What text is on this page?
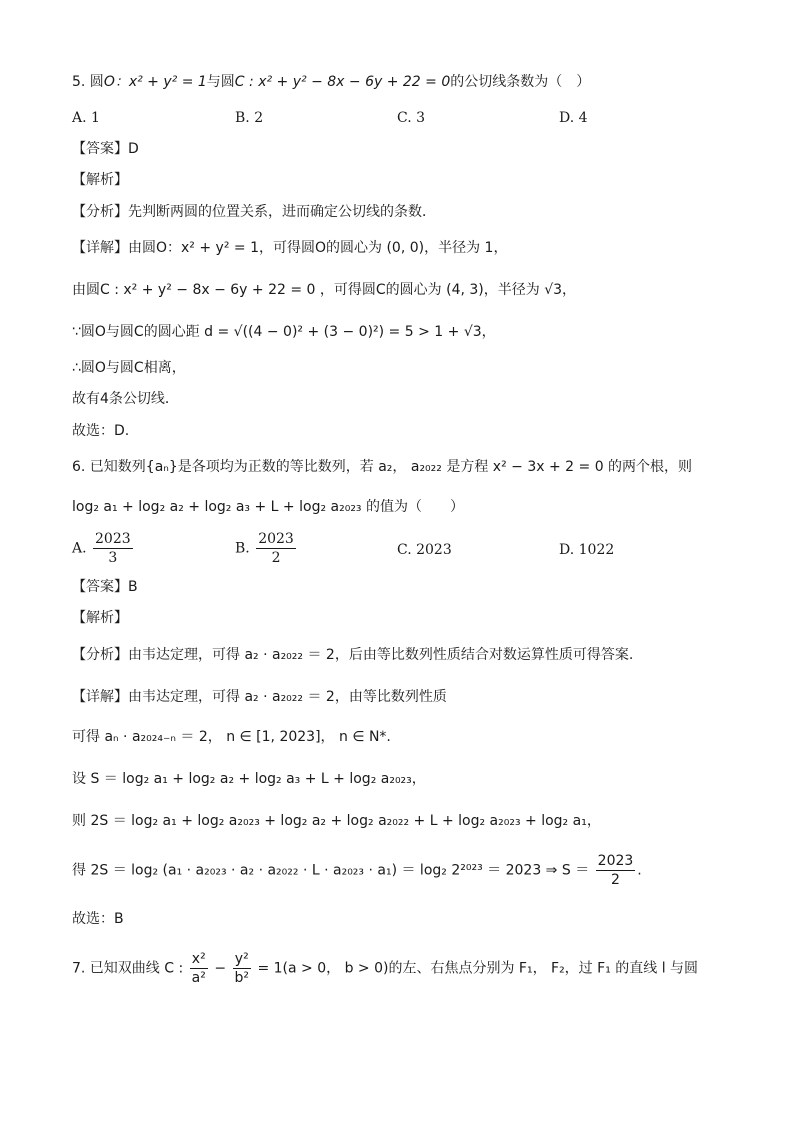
5. 圆O：x² + y² = 1与圆C : x² + y² − 8x − 6y + 22 = 0的公切线条数为（　）
A. 1	B. 2	C. 3	D. 4
【答案】D
【解析】
【分析】先判断两圆的位置关系，进而确定公切线的条数．
【详解】由圆O：x² + y² = 1，可得圆O的圆心为 (0, 0)，半径为 1，
由圆C : x² + y² − 8x − 6y + 22 = 0 ，可得圆C的圆心为 (4, 3)，半径为 √3，
∵圆O与圆C的圆心距 d = √((4 − 0)² + (3 − 0)²) = 5 > 1 + √3，
∴圆O与圆C相离，
故有4条公切线．
故选：D.
6. 已知数列{aₙ}是各项均为正数的等比数列，若 a₂， a₂₀₂₂ 是方程 x² − 3x + 2 = 0 的两个根，则
log₂ a₁ + log₂ a₂ + log₂ a₃ + L + log₂ a₂₀₂₃ 的值为（　　）
A. $\frac{2023}{3}$	B. $\frac{2023}{2}$	C. 2023	D. 1022
【答案】B
【解析】
【分析】由韦达定理，可得 a₂ · a₂₀₂₂ ＝ 2，后由等比数列性质结合对数运算性质可得答案.
【详解】由韦达定理，可得 a₂ · a₂₀₂₂ ＝ 2，由等比数列性质
可得 aₙ · a₂₀₂₄₋ₙ ＝ 2， n ∈ [1, 2023]， n ∈ N*.
设 S ＝ log₂ a₁ + log₂ a₂ + log₂ a₃ + L + log₂ a₂₀₂₃，
则 2S ＝ log₂ a₁ + log₂ a₂₀₂₃ + log₂ a₂ + log₂ a₂₀₂₂ + L + log₂ a₂₀₂₃ + log₂ a₁，
得 2S ＝ log₂ (a₁ · a₂₀₂₃ · a₂ · a₂₀₂₂ · L · a₂₀₂₃ · a₁) ＝ log₂ 2²⁰²³ ＝ 2023 ⇒ $S = \frac{2023}{2}$ .
故选：B
7. 已知双曲线 C : $\frac{\text{x²}}{\text{a²}} - \frac{\text{y²}}{\text{b²}} = 1(a > 0$， b > 0)的左、右焦点分别为 F₁， F₂，过 F₁ 的直线 l 与圆
